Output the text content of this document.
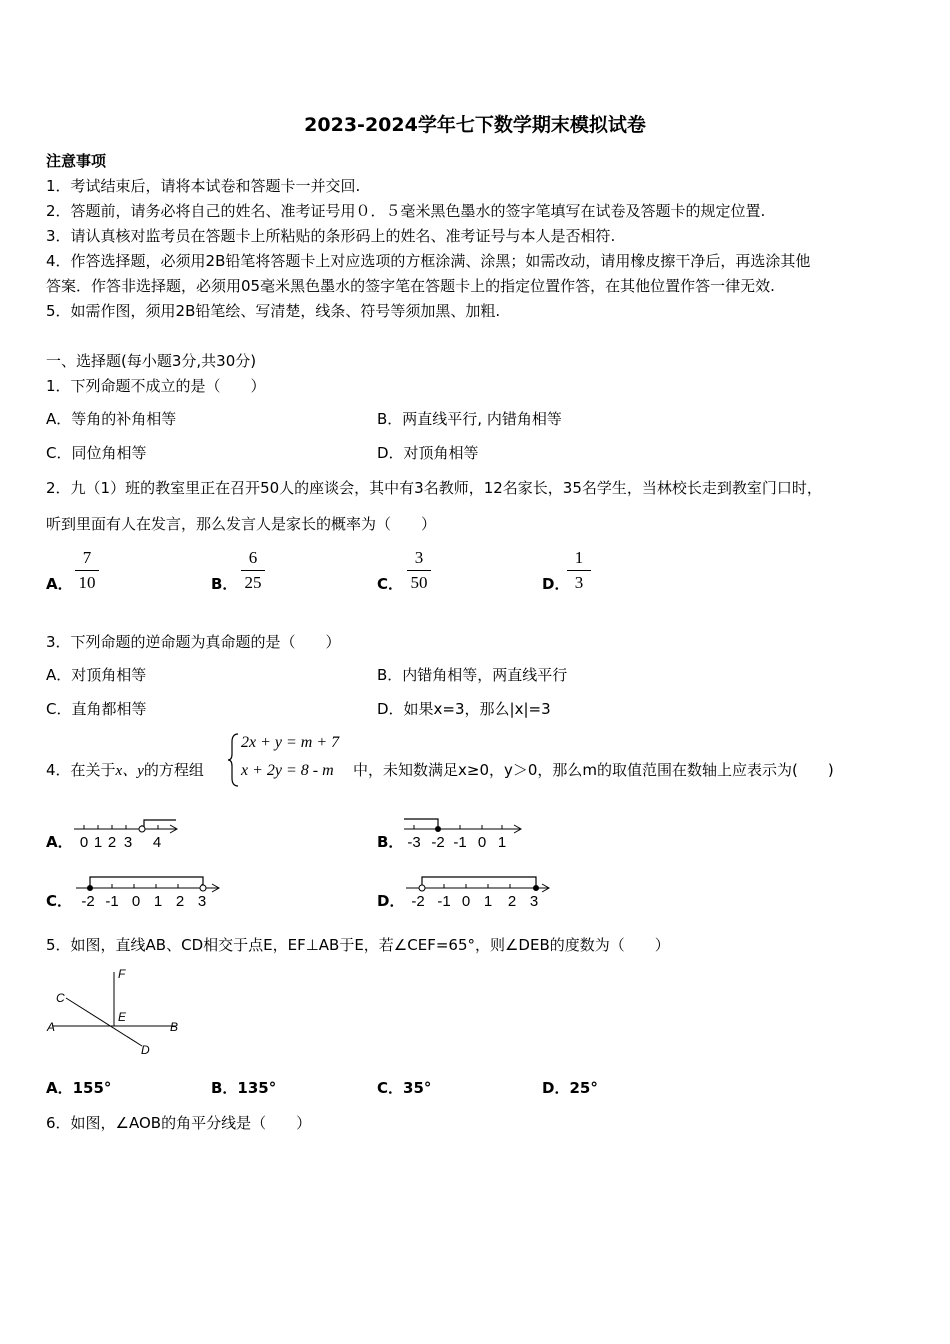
2023-2024学年七下数学期末模拟试卷
注意事项
1．考试结束后，请将本试卷和答题卡一并交回.
2．答题前，请务必将自己的姓名、准考证号用０．５毫米黑色墨水的签字笔填写在试卷及答题卡的规定位置.
3．请认真核对监考员在答题卡上所粘贴的条形码上的姓名、准考证号与本人是否相符.
4．作答选择题，必须用2B铅笔将答题卡上对应选项的方框涂满、涂黑；如需改动，请用橡皮擦干净后，再选涂其他
答案．作答非选择题，必须用05毫米黑色墨水的签字笔在答题卡上的指定位置作答，在其他位置作答一律无效.
5．如需作图，须用2B铅笔绘、写清楚，线条、符号等须加黑、加粗.
一、选择题(每小题3分,共30分)
1．下列命题不成立的是（　　）
A．等角的补角相等	B．两直线平行, 内错角相等
C．同位角相等	D．对顶角相等
2．九（1）班的教室里正在召开50人的座谈会，其中有3名教师，12名家长，35名学生，当林校长走到教室门口时，
听到里面有人在发言，那么发言人是家长的概率为（　　）
A．
7
10	B．
6
25	C．
3
50	D．
1
3
3．下列命题的逆命题为真命题的是（　　）
A．对顶角相等	B．内错角相等，两直线平行
C．直角都相等	D．如果x=3，那么|x|=3
4．在关于x、y的方程组
2x + y = m + 7
x + 2y = 8 - m 中，未知数满足x≥0，y＞0，那么m的取值范围在数轴上应表示为(　　)
A．	B．
C．	D．
0 1 2 3 4	-3 -2 -1 0 1
-2 -1 0 1 2 3	-2 -1 0 1 2 3
5．如图，直线AB、CD相交于点E，EF⊥AB于E，若∠CEF=65°，则∠DEB的度数为（　　）
F
C
E
A	B
D
A．155°	B．135°	C．35°	D．25°
6．如图，∠AOB的角平分线是（　　）
